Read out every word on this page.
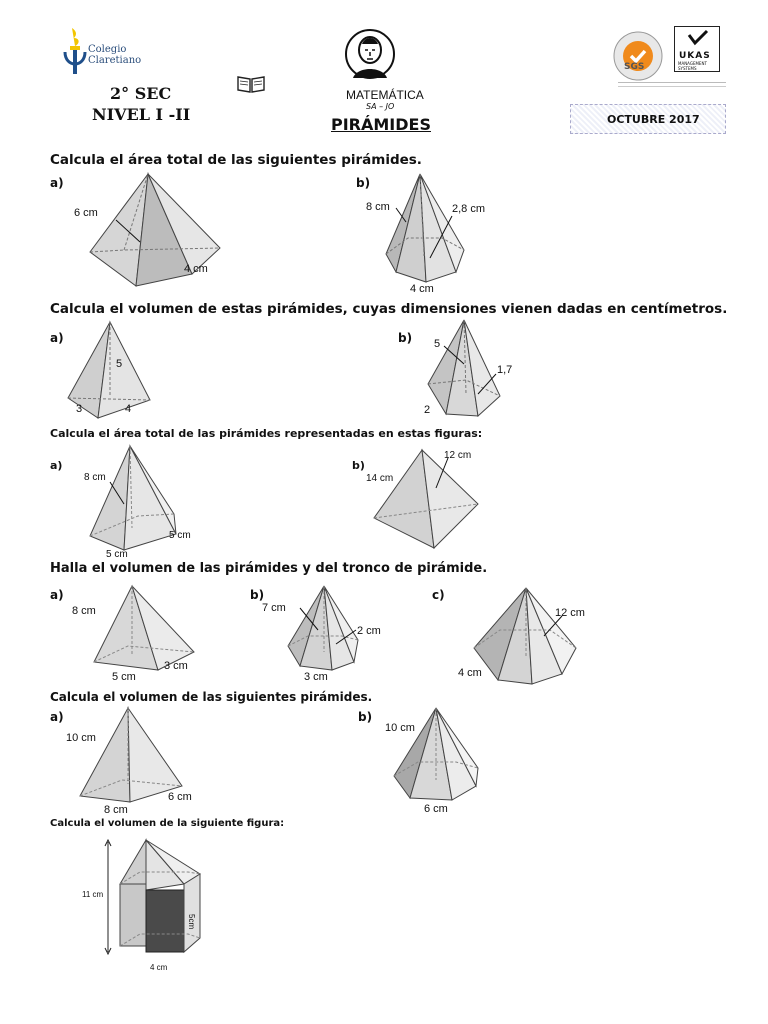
Colegio
Claretiano
2° SEC
NIVEL I -II
MATEMÁTICA
SA – JO
PIRÁMIDES
SGS
UKAS
MANAGEMENT SYSTEMS
OCTUBRE 2017
Calcula el área total de las siguientes pirámides.
a)	b)
6 cm
4 cm
8 cm	2,8 cm
4 cm
Calcula el volumen de estas pirámides, cuyas dimensiones vienen dadas en centímetros.
a)	b)
5
3	4
5
1,7
2
Calcula el área total de las pirámides representadas en estas figuras:
a)	b)
8 cm
5 cm
5 cm
12 cm
14 cm
Halla el volumen de las pirámides y del tronco de pirámide.
a)	b)	c)
8 cm
3 cm
5 cm
7 cm
2 cm
3 cm
12 cm
4 cm
Calcula el volumen de las siguientes pirámides.
a)	b)
10 cm
6 cm
8 cm
10 cm
6 cm
Calcula el volumen de la siguiente figura:
11 cm
5cm
4 cm
